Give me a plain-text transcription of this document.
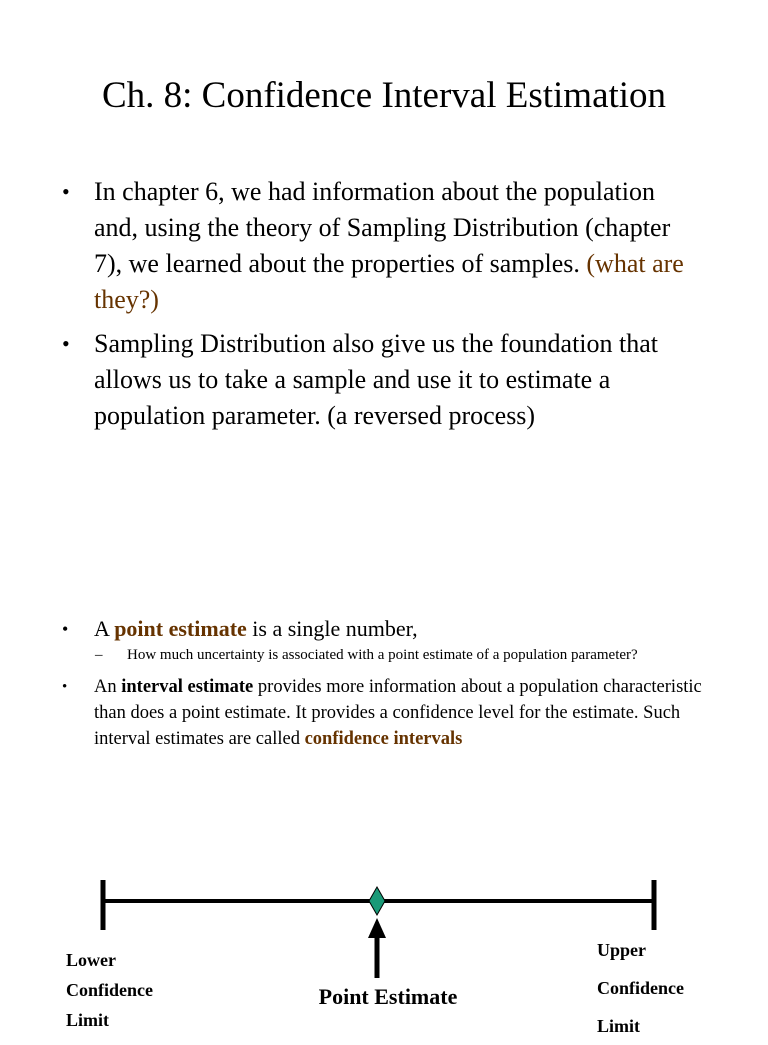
Ch. 8: Confidence Interval Estimation
• In chapter 6, we had information about the population and, using the theory of Sampling Distribution (chapter 7), we learned about the properties of samples. (what are they?)
• Sampling Distribution also give us the foundation that allows us to take a sample and use it to estimate a population parameter. (a reversed process)
• A point estimate is a single number,
– How much uncertainty is associated with a point estimate of a population parameter?
• An interval estimate provides more information about a population characteristic than does a point estimate. It provides a confidence level for the estimate. Such interval estimates are called confidence intervals
Lower
Confidence
Limit
Upper
Confidence
Limit
Point Estimate
